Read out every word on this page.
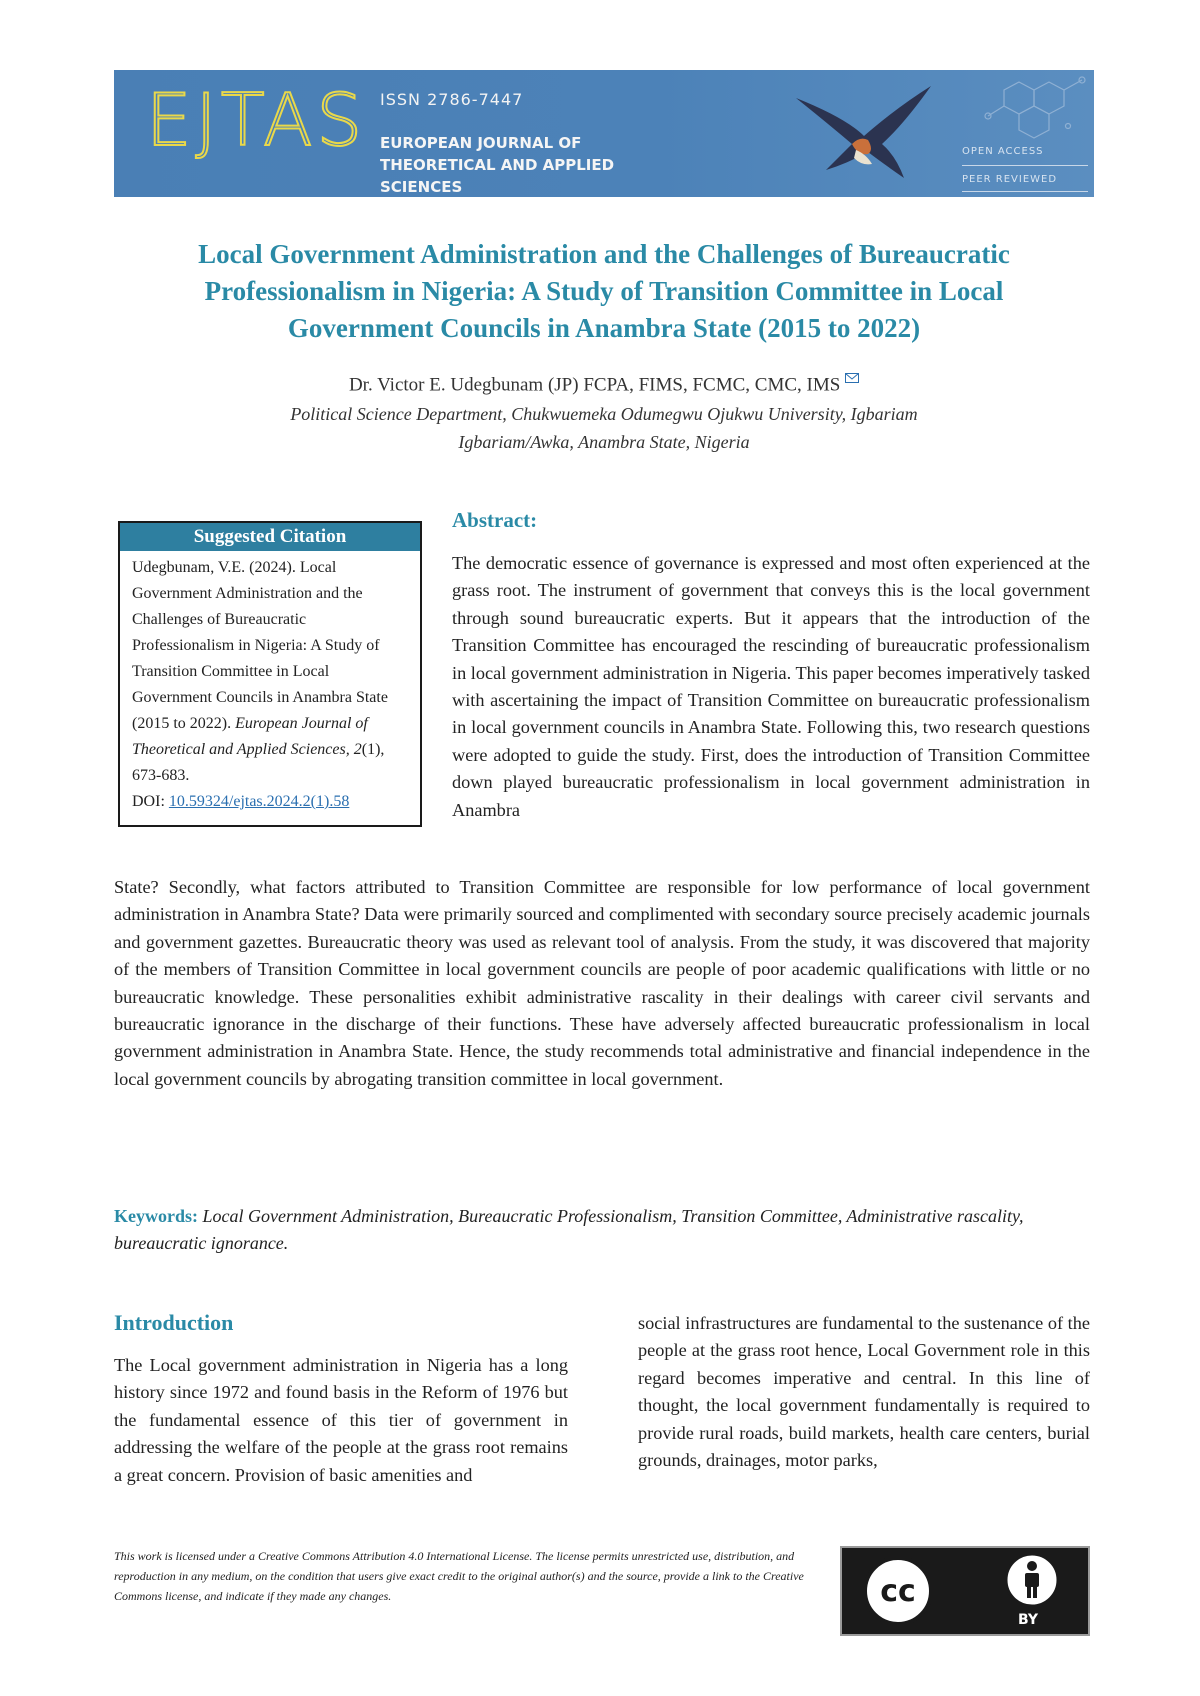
EJTAS ISSN 2786-7447
EUROPEAN JOURNAL OF
THEORETICAL AND APPLIED SCIENCES
OPEN ACCESS
PEER REVIEWED
Local Government Administration and the Challenges of Bureaucratic
Professionalism in Nigeria: A Study of Transition Committee in Local
Government Councils in Anambra State (2015 to 2022)
Dr. Victor E. Udegbunam (JP) FCPA, FIMS, FCMC, CMC, IMS
Political Science Department, Chukwuemeka Odumegwu Ojukwu University, Igbariam
Igbariam/Awka, Anambra State, Nigeria
Suggested Citation
Udegbunam, V.E. (2024). Local Government Administration and the Challenges of Bureaucratic Professionalism in Nigeria: A Study of Transition Committee in Local Government Councils in Anambra State (2015 to 2022). European Journal of Theoretical and Applied Sciences, 2(1), 673-683.
DOI: 10.59324/ejtas.2024.2(1).58
Abstract:
The democratic essence of governance is expressed and most often experienced at the grass root. The instrument of government that conveys this is the local government through sound bureaucratic experts. But it appears that the introduction of the Transition Committee has encouraged the rescinding of bureaucratic professionalism in local government administration in Nigeria. This paper becomes imperatively tasked with ascertaining the impact of Transition Committee on bureaucratic professionalism in local government councils in Anambra State. Following this, two research questions were adopted to guide the study. First, does the introduction of Transition Committee down played bureaucratic professionalism in local government administration in Anambra
State? Secondly, what factors attributed to Transition Committee are responsible for low performance of local government administration in Anambra State? Data were primarily sourced and complimented with secondary source precisely academic journals and government gazettes. Bureaucratic theory was used as relevant tool of analysis. From the study, it was discovered that majority of the members of Transition Committee in local government councils are people of poor academic qualifications with little or no bureaucratic knowledge. These personalities exhibit administrative rascality in their dealings with career civil servants and bureaucratic ignorance in the discharge of their functions. These have adversely affected bureaucratic professionalism in local government administration in Anambra State. Hence, the study recommends total administrative and financial independence in the local government councils by abrogating transition committee in local government.
Keywords: Local Government Administration, Bureaucratic Professionalism, Transition Committee, Administrative rascality, bureaucratic ignorance.
Introduction
The Local government administration in Nigeria has a long history since 1972 and found basis in the Reform of 1976 but the fundamental essence of this tier of government in addressing the welfare of the people at the grass root remains a great concern. Provision of basic amenities and
social infrastructures are fundamental to the sustenance of the people at the grass root hence, Local Government role in this regard becomes imperative and central. In this line of thought, the local government fundamentally is required to provide rural roads, build markets, health care centers, burial grounds, drainages, motor parks,
This work is licensed under a Creative Commons Attribution 4.0 International License. The license permits unrestricted use, distribution, and reproduction in any medium, on the condition that users give exact credit to the original author(s) and the source, provide a link to the Creative Commons license, and indicate if they made any changes.	cc
BY
